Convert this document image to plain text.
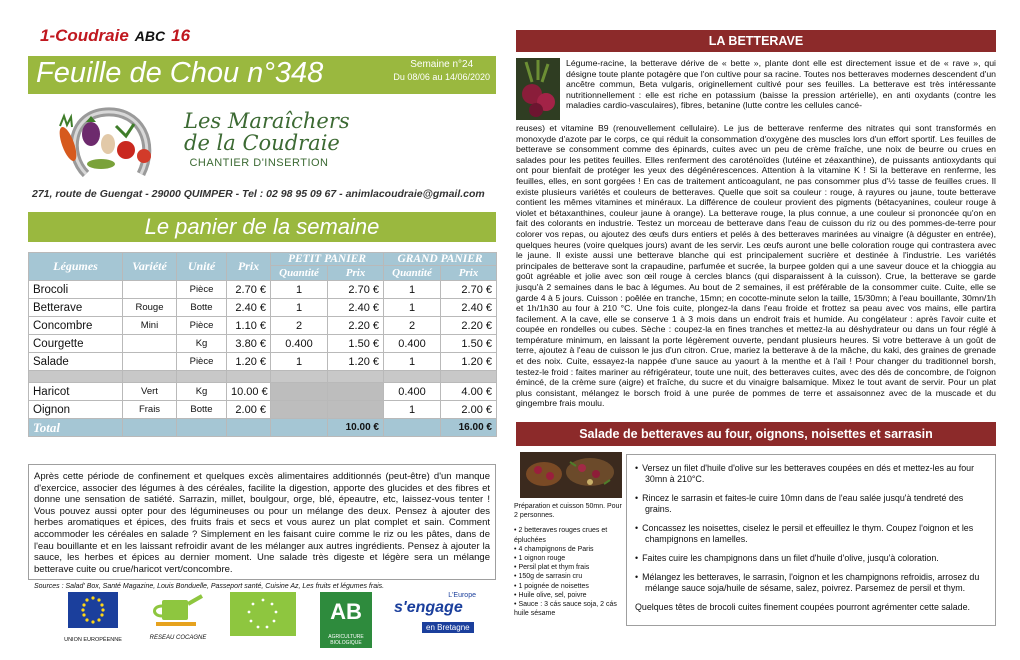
1-Coudraie ABC 16
Feuille de Chou n°348	Semaine n°24
Du 08/06 au 14/06/2020
Les Maraîchers
de la Coudraie
CHANTIER D'INSERTION
271, route de Guengat - 29000 QUIMPER - Tel : 02 98 95 09 67 - animlacoudraie@gmail.com
Le panier de la semaine
Légumes	Variété	Unité	Prix	PETIT PANIER		GRAND PANIER	
				Quantité	Prix	Quantité	Prix
Brocoli		Pièce	2.70 €	1	2.70 €	1	2.70 €
Betterave	Rouge	Botte	2.40 €	1	2.40 €	1	2.40 €
Concombre	Mini	Pièce	1.10 €	2	2.20 €	2	2.20 €
Courgette		Kg	3.80 €	0.400	1.50 €	0.400	1.50 €
Salade		Pièce	1.20 €	1	1.20 €	1	1.20 €

Haricot	Vert	Kg	10.00 €			0.400	4.00 €
Oignon	Frais	Botte	2.00 €			1	2.00 €
Total					10.00 €		16.00 €

Après cette période de confinement et quelques excès alimentaires additionnés (peut-être) d'un manque d'exercice, associer des légumes à des céréales, facilite la digestion, apporte des glucides et des fibres et donne une sensation de satiété. Sarrazin, millet, boulgour, orge, blé, épeautre, etc, laissez-vous tenter ! Vous pouvez aussi opter pour des légumineuses ou pour un mélange des deux. Pensez à ajouter des herbes aromatiques et épices, des fruits frais et secs et vous aurez un plat complet et sain. Comment accommoder les céréales en salade ? Simplement en les faisant cuire comme le riz ou les pâtes, dans de l'eau bouillante et en les laissant refroidir avant de les mélanger aux autres ingrédients. Pensez à ajouter la sauce, les herbes et épices au dernier moment. Une salade très digeste et légère sera un mélange betterave cuite ou crue/haricot vert/concombre.

Sources : Salad' Box, Santé Magazine, Louis Bonduelle, Passeport santé, Cuisine Az, Les fruits et légumes frais.

UNION EUROPÉENNE	RESEAU COCAGNE
AB
AGRICULTURE BIOLOGIQUE
L'Europe
s'engage
en Bretagne
LA BETTERAVE

Légume-racine, la betterave dérive de « bette », plante dont elle est directement issue et de « rave », qui désigne toute plante potagère que l'on cultive pour sa racine. Toutes nos betteraves modernes descendent d'un ancêtre commun, Beta vulgaris, originellement cultivé pour ses feuilles. La betterave est très intéressante nutritionnellement : elle est riche en potassium (baisse la pression artérielle), en anti oxydants (contre les maladies cardio-vasculaires), fibres, betanine (lutte contre les cellules cancé-

reuses) et vitamine B9 (renouvellement cellulaire). Le jus de betterave renferme des nitrates qui sont transformés en monoxyde d'azote par le corps, ce qui réduit la consommation d'oxygène des muscles lors d'un effort sportif. Les feuilles de betterave se consomment comme des épinards, cuites avec un peu de crème fraîche, une noix de beurre ou crues en salades pour les petites feuilles. Elles renferment des caroténoïdes (lutéine et zéaxanthine), de puissants antioxydants qui ont pour bienfait de protéger les yeux des dégénérescences. Attention à la vitamine K ! Si la betterave en renferme, les feuilles, elles, en sont gorgées ! En cas de traitement anticoagulant, ne pas consommer plus d'½ tasse de feuilles crues. Il existe plusieurs variétés et couleurs de betteraves. Quelle que soit sa couleur : rouge, à rayures ou jaune, toute betterave contient les mêmes vitamines et minéraux. La différence de couleur provient des pigments (bétacyanines, couleur rouge à violet et bétaxanthines, couleur jaune à orange). La betterave rouge, la plus connue, a une couleur si prononcée qu'on en fait des colorants en industrie. Testez un morceau de betterave dans l'eau de cuisson du riz ou des pommes-de-terre pour colorer vos repas, ou ajoutez des œufs durs entiers et pelés à des betteraves marinées au vinaigre (à déguster en entrée), quelques heures (voire quelques jours) avant de les servir. Les œufs auront une belle coloration rouge qui contrastera avec le jaune. Il existe aussi une betterave blanche qui est principalement sucrière et destinée à l'industrie. Les variétés principales de betterave sont la crapaudine, parfumée et sucrée, la burpee golden qui a une saveur douce et la chioggia au goût agréable et jolie avec son œil rouge à cercles blancs (qui disparaissent à la cuisson). Crue, la betterave se garde jusqu'à 2 semaines dans le bac à légumes. Au bout de 2 semaines, il est préférable de la consommer cuite. Cuite, elle se garde 4 à 5 jours. Cuisson : poêlée en tranche, 15mn; en cocotte-minute selon la taille, 15/30mn; à l'eau bouillante, 30mn/1h et 1h/1h30 au four à 210 °C. Une fois cuite, plongez-la dans l'eau froide et frottez sa peau avec vos mains, elle partira facilement. A la cave, elle se conserve 1 à 3 mois dans un endroit frais et humide. Au congélateur : après l'avoir cuite et coupée en rondelles ou cubes. Sèche : coupez-la en fines tranches et mettez-la au déshydrateur ou dans un four réglé à température minimum, en laissant la porte légèrement ouverte, pendant plusieurs heures. Si votre betterave à un goût de terre, ajoutez à l'eau de cuisson le jus d'un citron. Crue, mariez la betterave à de la mâche, du kaki, des graines de grenade et des noix. Cuite, essayez-la nappée d'une sauce au yaourt à la menthe et à l'ail ! Pour changer du traditionnel borsh, testez-le froid : faites mariner au réfrigérateur, toute une nuit, des betteraves cuites, avec des dés de concombre, de l'oignon émincé, de la crème sure (aigre) et fraîche, du sucre et du vinaigre balsamique. Mixez le tout avant de servir. Pour un plat plus consistant, mélangez le borsch froid à une purée de pommes de terre et assaisonnez avec de la muscade et du gingembre frais moulu.

Salade de betteraves au four, oignons, noisettes et sarrasin

Préparation et cuisson 50mn. Pour 2 personnes.

• 2 betteraves rouges crues et épluchées
• 4 champignons de Paris
• 1 oignon rouge
• Persil plat et thym frais
• 150g de sarrasin cru
• 1 poignée de noisettes
• Huile olive, sel, poivre
• Sauce : 3 cás sauce soja, 2 cás huile sésame
• Versez un filet d'huile d'olive sur les betteraves coupées en dés et mettez-les au four 30mn à 210°C.
• Rincez le sarrasin et faites-le cuire 10mn dans de l'eau salée jusqu'à tendreté des grains.
• Concassez les noisettes, ciselez le persil et effeuillez le thym. Coupez l'oignon et les champignons en lamelles.
• Faites cuire les champignons dans un filet d'huile d'olive, jusqu'à coloration.
• Mélangez les betteraves, le sarrasin, l'oignon et les champignons refroidis, arrosez du mélange sauce soja/huile de sésame, salez, poivrez. Parsemez de persil et thym.

Quelques têtes de brocoli cuites finement coupées pourront agrémenter cette salade.
